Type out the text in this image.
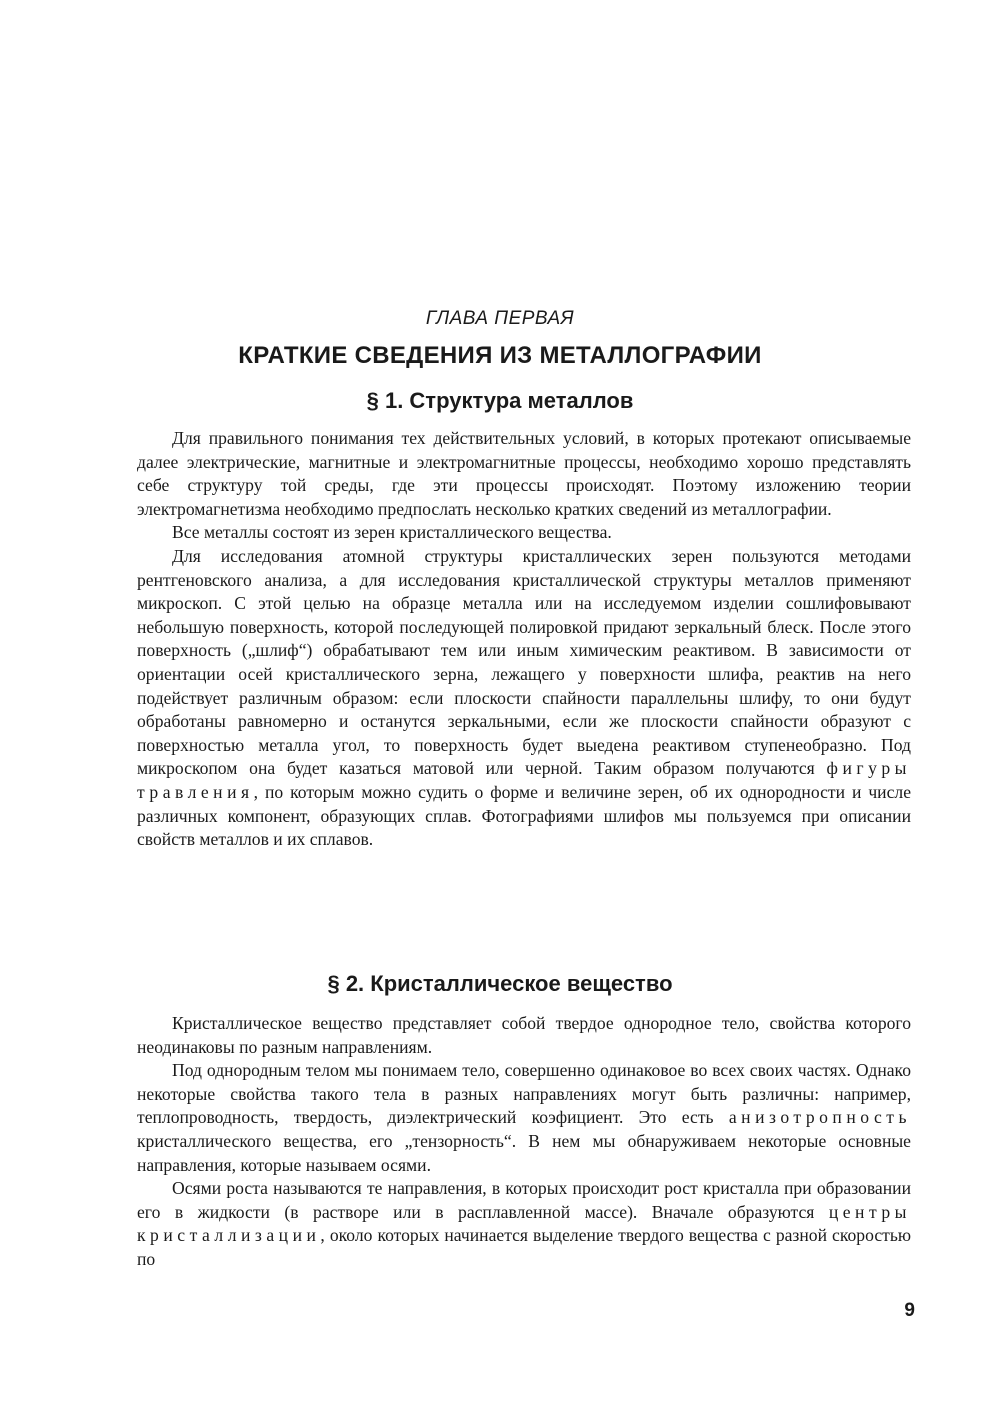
ГЛАВА ПЕРВАЯ
КРАТКИЕ СВЕДЕНИЯ ИЗ МЕТАЛЛОГРАФИИ
§ 1. Структура металлов

Для правильного понимания тех действительных условий, в которых протекают описываемые далее электрические, магнитные и электромагнитные процессы, необходимо хорошо представлять себе структуру той среды, где эти процессы происходят. Поэтому изложению теории электромагнетизма необходимо предпослать несколько кратких сведений из металлографии.

Все металлы состоят из зерен кристаллического вещества.

Для исследования атомной структуры кристаллических зерен пользуются методами рентгеновского анализа, а для исследования кристаллической структуры металлов применяют микроскоп. С этой целью на образце металла или на исследуемом изделии сошлифовывают небольшую поверхность, которой последующей полировкой придают зеркальный блеск. После этого поверхность („шлиф“) обрабатывают тем или иным химическим реактивом. В зависимости от ориентации осей кристаллического зерна, лежащего у поверхности шлифа, реактив на него подействует различным образом: если плоскости спайности параллельны шлифу, то они будут обработаны равномерно и останутся зеркальными, если же плоскости спайности образуют с поверхностью металла угол, то поверхность будет выедена реактивом ступенеобразно. Под микроскопом она будет казаться матовой или черной. Таким образом получаются фигуры травления, по которым можно судить о форме и величине зерен, об их однородности и числе различных компонент, образующих сплав. Фотографиями шлифов мы пользуемся при описании свойств металлов и их сплавов.

§ 2. Кристаллическое вещество

Кристаллическое вещество представляет собой твердое однородное тело, свойства которого неодинаковы по разным направлениям.

Под однородным телом мы понимаем тело, совершенно одинаковое во всех своих частях. Однако некоторые свойства такого тела в разных направлениях могут быть различны: например, теплопроводность, твердость, диэлектрический коэфициент. Это есть анизотропность кристаллического вещества, его „тензорность“. В нем мы обнаруживаем некоторые основные направления, которые называем осями.

Осями роста называются те направления, в которых происходит рост кристалла при образовании его в жидкости (в растворе или в расплавленной массе). Вначале образуются центры кристаллизации, около которых начинается выделение твердого вещества с разной скоростью по

9
